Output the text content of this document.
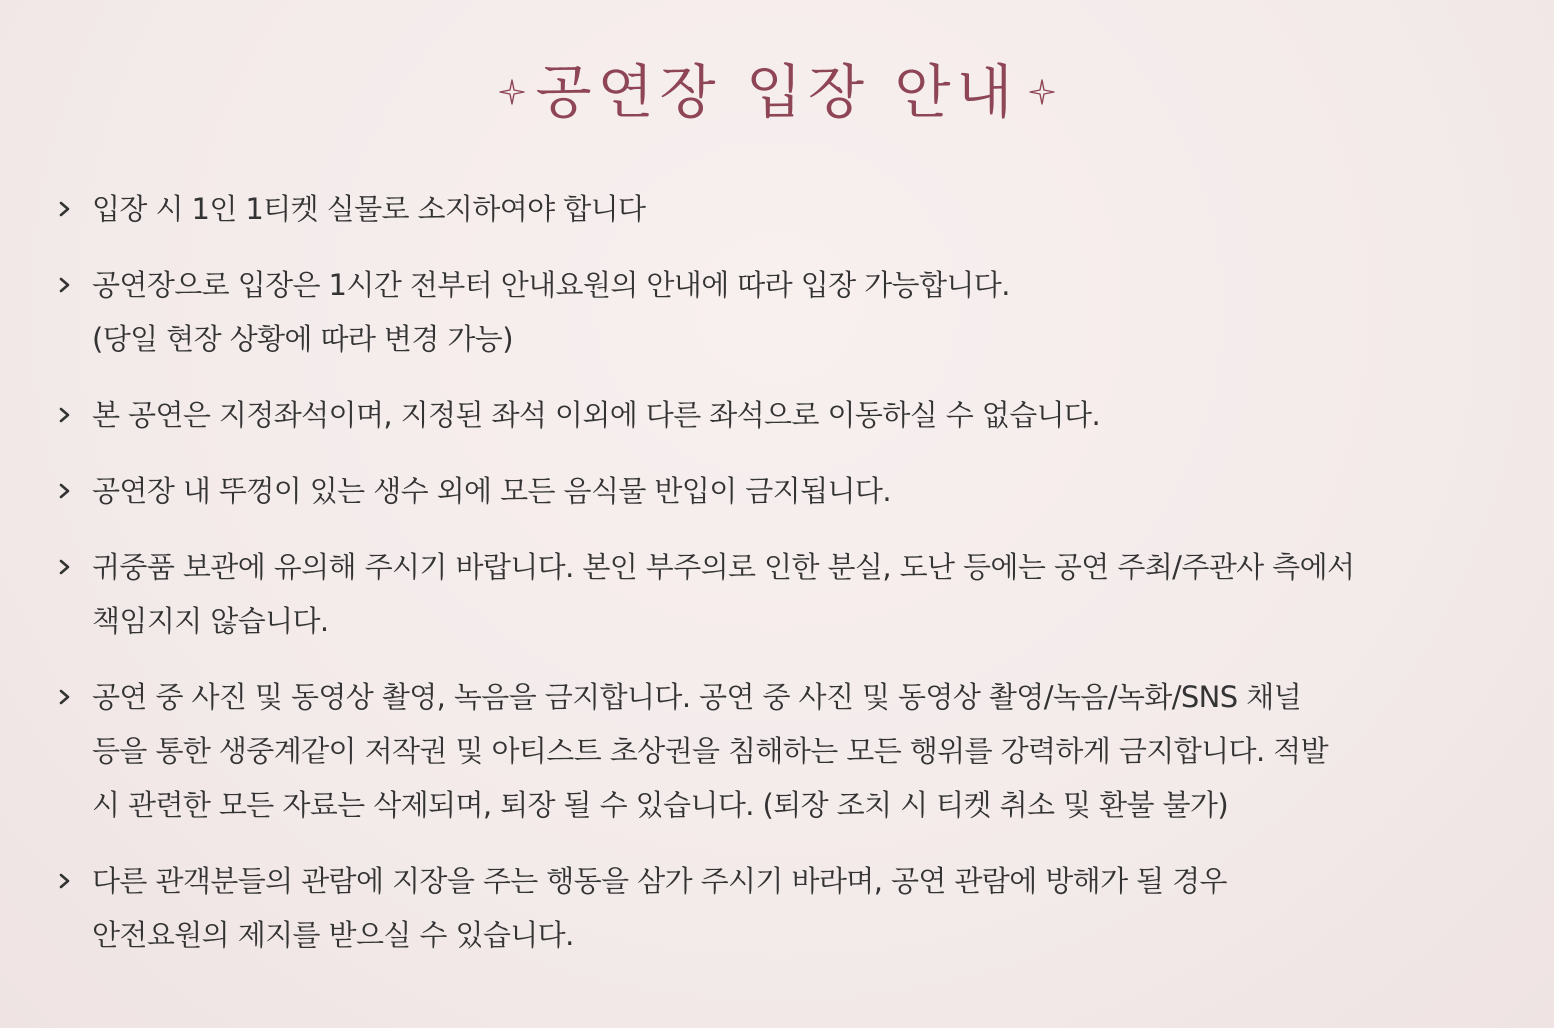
공연장 입장 안내
입장 시 1인 1티켓 실물로 소지하여야 합니다
공연장으로 입장은 1시간 전부터 안내요원의 안내에 따라 입장 가능합니다.
(당일 현장 상황에 따라 변경 가능)
본 공연은 지정좌석이며, 지정된 좌석 이외에 다른 좌석으로 이동하실 수 없습니다.
공연장 내 뚜껑이 있는 생수 외에 모든 음식물 반입이 금지됩니다.
귀중품 보관에 유의해 주시기 바랍니다. 본인 부주의로 인한 분실, 도난 등에는 공연 주최/주관사 측에서
책임지지 않습니다.
공연 중 사진 및 동영상 촬영, 녹음을 금지합니다. 공연 중 사진 및 동영상 촬영/녹음/녹화/SNS 채널
등을 통한 생중계같이 저작권 및 아티스트 초상권을 침해하는 모든 행위를 강력하게 금지합니다. 적발
시 관련한 모든 자료는 삭제되며, 퇴장 될 수 있습니다. (퇴장 조치 시 티켓 취소 및 환불 불가)
다른 관객분들의 관람에 지장을 주는 행동을 삼가 주시기 바라며, 공연 관람에 방해가 될 경우
안전요원의 제지를 받으실 수 있습니다.
